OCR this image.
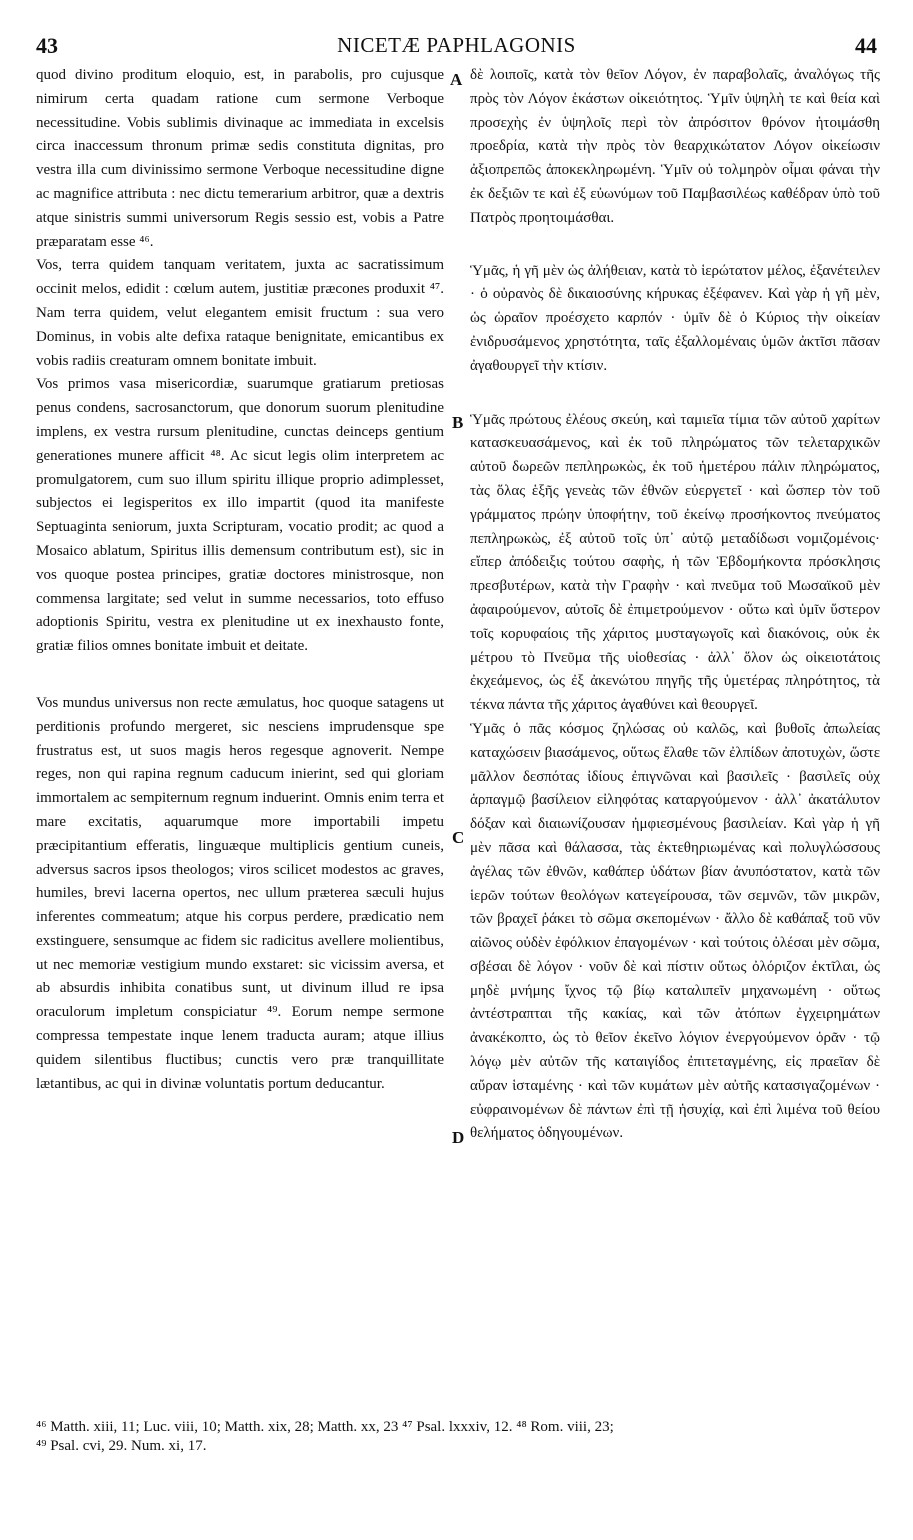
43	NICETÆ PAPHLAGONIS	44

quod divino proditum eloquio, est, in parabolis, pro cujusque nimirum certa quadam ratione cum sermone Verboque necessitudine. Vobis sublimis divinaque ac immediata in excelsis circa inaccessum thronum primæ sedis constituta dignitas, pro vestra illa cum divinissimo sermone Verboque necessitudine digne ac magnifice attributa : nec dictu temerarium arbitror, quæ a dextris atque sinistris summi universorum Regis sessio est, vobis a Patre præparatam esse ⁴⁶.

Vos, terra quidem tanquam veritatem, juxta ac sacratissimum occinit melos, edidit : cœlum autem, justitiæ præcones produxit ⁴⁷. Nam terra quidem, velut elegantem emisit fructum : sua vero Dominus, in vobis alte defixa rataque benignitate, emicantibus ex vobis radiis creaturam omnem bonitate imbuit.

Vos primos vasa misericordiæ, suarumque gratiarum pretiosas penus condens, sacrosanctorum, que donorum suorum plenitudine implens, ex vestra rursum plenitudine, cunctas deinceps gentium generationes munere afficit ⁴⁸. Ac sicut legis olim interpretem ac promulgatorem, cum suo illum spiritu illique proprio adimplesset, subjectos ei legisperitos ex illo impartit (quod ita manifeste Septuaginta seniorum, juxta Scripturam, vocatio prodit; ac quod a Mosaico ablatum, Spiritus illis demensum contributum est), sic in vos quoque postea principes, gratiæ doctores ministrosque, non commensa largitate; sed velut in summe necessarios, toto effuso adoptionis Spiritu, vestra ex plenitudine ut ex inexhausto fonte, gratiæ filios omnes bonitate imbuit et deitate.

Vos mundus universus non recte æmulatus, hoc quoque satagens ut perditionis profundo mergeret, sic nesciens imprudensque spe frustratus est, ut suos magis heros regesque agnoverit. Nempe reges, non qui rapina regnum caducum inierint, sed qui gloriam immortalem ac sempiternum regnum induerint. Omnis enim terra et mare excitatis, aquarumque more importabili impetu præcipitantium efferatis, linguæque multiplicis gentium cuneis, adversus sacros ipsos theologos; viros scilicet modestos ac graves, humiles, brevi lacerna opertos, nec ullum præterea sæculi hujus inferentes commeatum; atque his corpus perdere, prædicatio nem exstinguere, sensumque ac fidem sic radicitus avellere molientibus, ut nec memoriæ vestigium mundo exstaret: sic vicissim aversa, et ab absurdis inhibita conatibus sunt, ut divinum illud re ipsa oraculorum impletum conspiciatur ⁴⁹. Eorum nempe sermone compressa tempestate inque lenem traducta auram; atque illius quidem silentibus fluctibus; cunctis vero præ tranquillitate lætantibus, ac qui in divinæ voluntatis portum deducantur.

A
B
C
D

δὲ λοιποῖς, κατὰ τὸν θεῖον Λόγον, ἐν παραβολαῖς, ἀναλόγως τῆς πρὸς τὸν Λόγον ἑκάστων οἰκειότητος. Ὑμῖν ὑψηλὴ τε καὶ θεία καὶ προσεχὴς ἐν ὑψηλοῖς περὶ τὸν ἀπρόσιτον θρόνον ἡτοιμάσθη προεδρία, κατὰ τὴν πρὸς τὸν θεαρχικώτατον Λόγον οἰκείωσιν ἀξιοπρεπῶς ἀποκεκληρωμένη. Ὑμῖν οὐ τολμηρὸν οἶμαι φάναι τὴν ἐκ δεξιῶν τε καὶ ἐξ εὐωνύμων τοῦ Παμβασιλέως καθέδραν ὑπὸ τοῦ Πατρὸς προητοιμάσθαι.

Ὑμᾶς, ἡ γῆ μὲν ὡς ἀλήθειαν, κατὰ τὸ ἱερώτατον μέλος, ἐξανέτειλεν · ὁ οὐρανὸς δὲ δικαιοσύνης κήρυκας ἐξέφανεν. Καὶ γὰρ ἡ γῆ μὲν, ὡς ὡραῖον προέσχετο καρπόν · ὑμῖν δὲ ὁ Κύριος τὴν οἰκείαν ἐνιδρυσάμενος χρηστότητα, ταῖς ἐξαλλομέναις ὑμῶν ἀκτῖσι πᾶσαν ἀγαθουργεῖ τὴν κτίσιν.

Ὑμᾶς πρώτους ἐλέους σκεύη, καὶ ταμιεῖα τίμια τῶν αὐτοῦ χαρίτων κατασκευασάμενος, καὶ ἐκ τοῦ πληρώματος τῶν τελεταρχικῶν αὐτοῦ δωρεῶν πεπληρωκὼς, ἐκ τοῦ ἡμετέρου πάλιν πληρώματος, τὰς ὅλας ἑξῆς γενεὰς τῶν ἐθνῶν εὐεργετεῖ · καὶ ὥσπερ τὸν τοῦ γράμματος πρώην ὑποφήτην, τοῦ ἐκείνῳ προσήκοντος πνεύματος πεπληρωκὼς, ἐξ αὐτοῦ τοῖς ὑπ᾿ αὐτῷ μεταδίδωσι νομιζομένοις· εἴπερ ἀπόδειξις τούτου σαφὴς, ἡ τῶν Ἑβδομήκοντα πρόσκλησις πρεσβυτέρων, κατὰ τὴν Γραφὴν · καὶ πνεῦμα τοῦ Μωσαϊκοῦ μὲν ἀφαιρούμενον, αὐτοῖς δὲ ἐπιμετρούμενον · οὕτω καὶ ὑμῖν ὕστερον τοῖς κορυφαίοις τῆς χάριτος μυσταγωγοῖς καὶ διακόνοις, οὐκ ἐκ μέτρου τὸ Πνεῦμα τῆς υἱοθεσίας · ἀλλ᾿ ὅλον ὡς οἰκειοτάτοις ἐκχεάμενος, ὡς ἐξ ἀκενώτου πηγῆς τῆς ὑμετέρας πληρότητος, τὰ τέκνα πάντα τῆς χάριτος ἀγαθύνει καὶ θεουργεῖ.

Ὑμᾶς ὁ πᾶς κόσμος ζηλώσας οὐ καλῶς, καὶ βυθοῖς ἀπωλείας καταχώσειν βιασάμενος, οὕτως ἔλαθε τῶν ἐλπίδων ἀποτυχὼν, ὥστε μᾶλλον δεσπότας ἰδίους ἐπιγνῶναι καὶ βασιλεῖς · βασιλεῖς οὐχ ἁρπαγμῷ βασίλειον εἰληφότας καταργούμενον · ἀλλ᾿ ἀκατάλυτον δόξαν καὶ διαιωνίζουσαν ἠμφιεσμένους βασιλείαν. Καὶ γὰρ ἡ γῆ μὲν πᾶσα καὶ θάλασσα, τὰς ἐκτεθηριωμένας καὶ πολυγλώσσους ἀγέλας τῶν ἐθνῶν, καθάπερ ὑδάτων βίαν ἀνυπόστατον, κατὰ τῶν ἱερῶν τούτων θεολόγων κατεγείρουσα, τῶν σεμνῶν, τῶν μικρῶν, τῶν βραχεῖ ῥάκει τὸ σῶμα σκεπομένων · ἄλλο δὲ καθάπαξ τοῦ νῦν αἰῶνος οὐδὲν ἐφόλκιον ἐπαγομένων · καὶ τούτοις ὀλέσαι μὲν σῶμα, σβέσαι δὲ λόγον · νοῦν δὲ καὶ πίστιν οὕτως ὀλόριζον ἐκτῖλαι, ὡς μηδὲ μνήμης ἴχνος τῷ βίῳ καταλιπεῖν μηχανωμένη · οὕτως ἀντέστραπται τῆς κακίας, καὶ τῶν ἀτόπων ἐγχειρημάτων ἀνακέκοπτο, ὡς τὸ θεῖον ἐκεῖνο λόγιον ἐνεργούμενον ὁρᾶν · τῷ λόγῳ μὲν αὐτῶν τῆς καταιγίδος ἐπιτεταγμένης, εἰς πραεῖαν δὲ αὔραν ἱσταμένης · καὶ τῶν κυμάτων μὲν αὐτῆς κατασιγαζομένων · εὐφραινομένων δὲ πάντων ἐπὶ τῇ ἡσυχίᾳ, καὶ ἐπὶ λιμένα τοῦ θείου θελήματος ὁδηγουμένων.

⁴⁶ Matth. xiii, 11; Luc. viii, 10; Matth. xix, 28; Matth. xx, 23 ⁴⁷ Psal. lxxxiv, 12. ⁴⁸ Rom. viii, 23;
⁴⁹ Psal. cvi, 29. Num. xi, 17.
